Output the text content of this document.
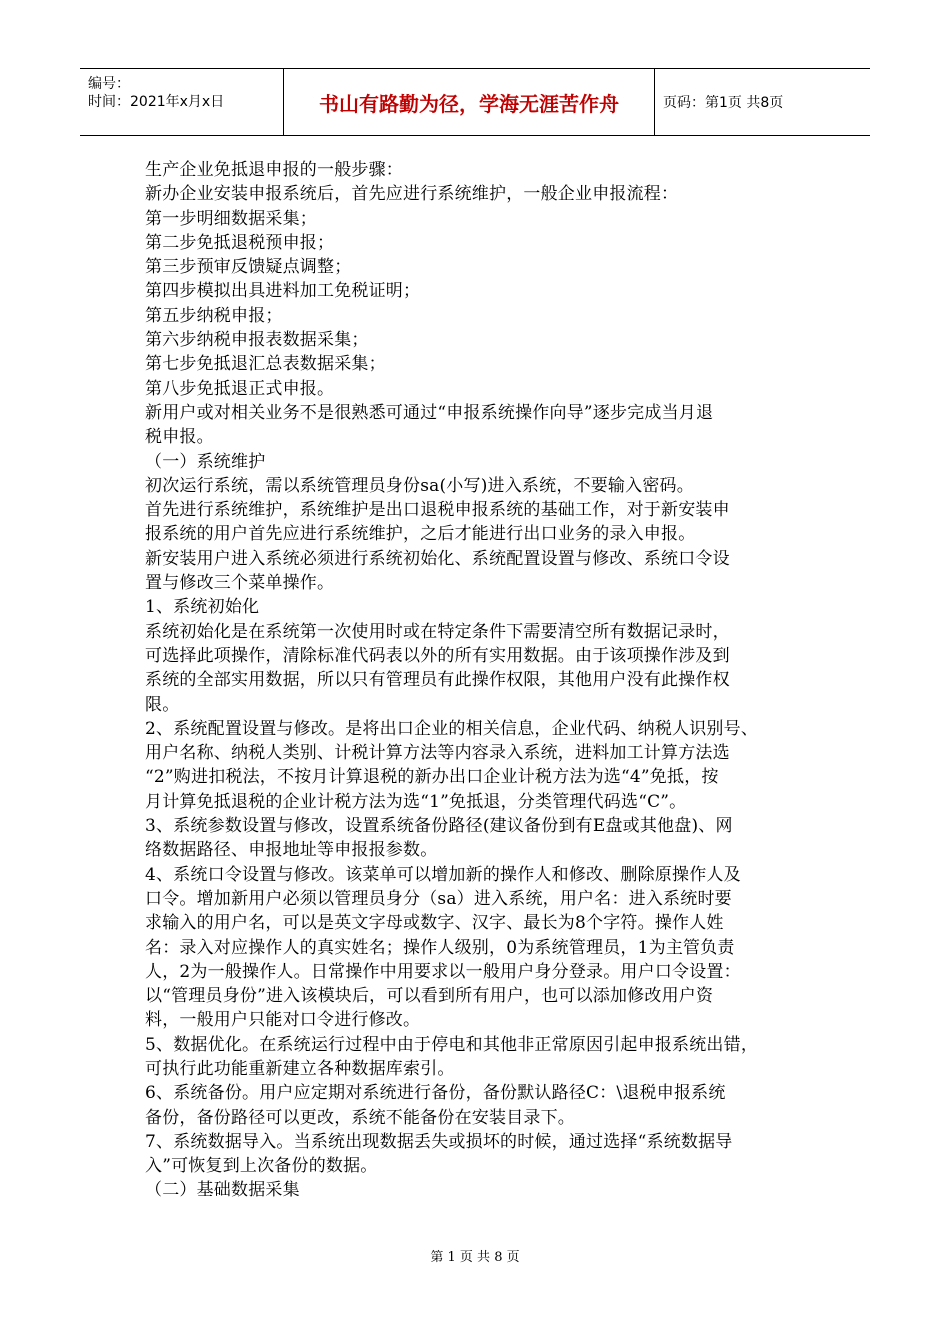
编号：
时间：2021年x月x日	书山有路勤为径，学海无涯苦作舟	页码：第1页 共8页
生产企业免抵退申报的一般步骤：
新办企业安装申报系统后，首先应进行系统维护，一般企业申报流程：
第一步明细数据采集；
第二步免抵退税预申报；
第三步预审反馈疑点调整；
第四步模拟出具进料加工免税证明；
第五步纳税申报；
第六步纳税申报表数据采集；
第七步免抵退汇总表数据采集；
第八步免抵退正式申报。
新用户或对相关业务不是很熟悉可通过“申报系统操作向导”逐步完成当月退
税申报。
（一）系统维护
初次运行系统，需以系统管理员身份sa(小写)进入系统，不要输入密码。
首先进行系统维护，系统维护是出口退税申报系统的基础工作，对于新安装申
报系统的用户首先应进行系统维护，之后才能进行出口业务的录入申报。
新安装用户进入系统必须进行系统初始化、系统配置设置与修改、系统口令设
置与修改三个菜单操作。
1、系统初始化
系统初始化是在系统第一次使用时或在特定条件下需要清空所有数据记录时，
可选择此项操作，清除标准代码表以外的所有实用数据。由于该项操作涉及到
系统的全部实用数据，所以只有管理员有此操作权限，其他用户没有此操作权
限。
2、系统配置设置与修改。是将出口企业的相关信息，企业代码、纳税人识别号、
用户名称、纳税人类别、计税计算方法等内容录入系统，进料加工计算方法选
“2”购进扣税法，不按月计算退税的新办出口企业计税方法为选“4”免抵，按
月计算免抵退税的企业计税方法为选“1”免抵退，分类管理代码选“C”。
3、系统参数设置与修改，设置系统备份路径(建议备份到有E盘或其他盘)、网
络数据路径、申报地址等申报报参数。
4、系统口令设置与修改。该菜单可以增加新的操作人和修改、删除原操作人及
口令。增加新用户必须以管理员身分（sa）进入系统，用户名：进入系统时要
求输入的用户名，可以是英文字母或数字、汉字、最长为8个字符。操作人姓
名：录入对应操作人的真实姓名；操作人级别，0为系统管理员，1为主管负责
人，2为一般操作人。日常操作中用要求以一般用户身分登录。用户口令设置：
以“管理员身份”进入该模块后，可以看到所有用户，也可以添加修改用户资
料，一般用户只能对口令进行修改。
5、数据优化。在系统运行过程中由于停电和其他非正常原因引起申报系统出错，
可执行此功能重新建立各种数据库索引。
6、系统备份。用户应定期对系统进行备份，备份默认路径C：\退税申报系统
备份，备份路径可以更改，系统不能备份在安装目录下。
7、系统数据导入。当系统出现数据丢失或损坏的时候，通过选择“系统数据导
入”可恢复到上次备份的数据。
（二）基础数据采集
第 1 页 共 8 页
